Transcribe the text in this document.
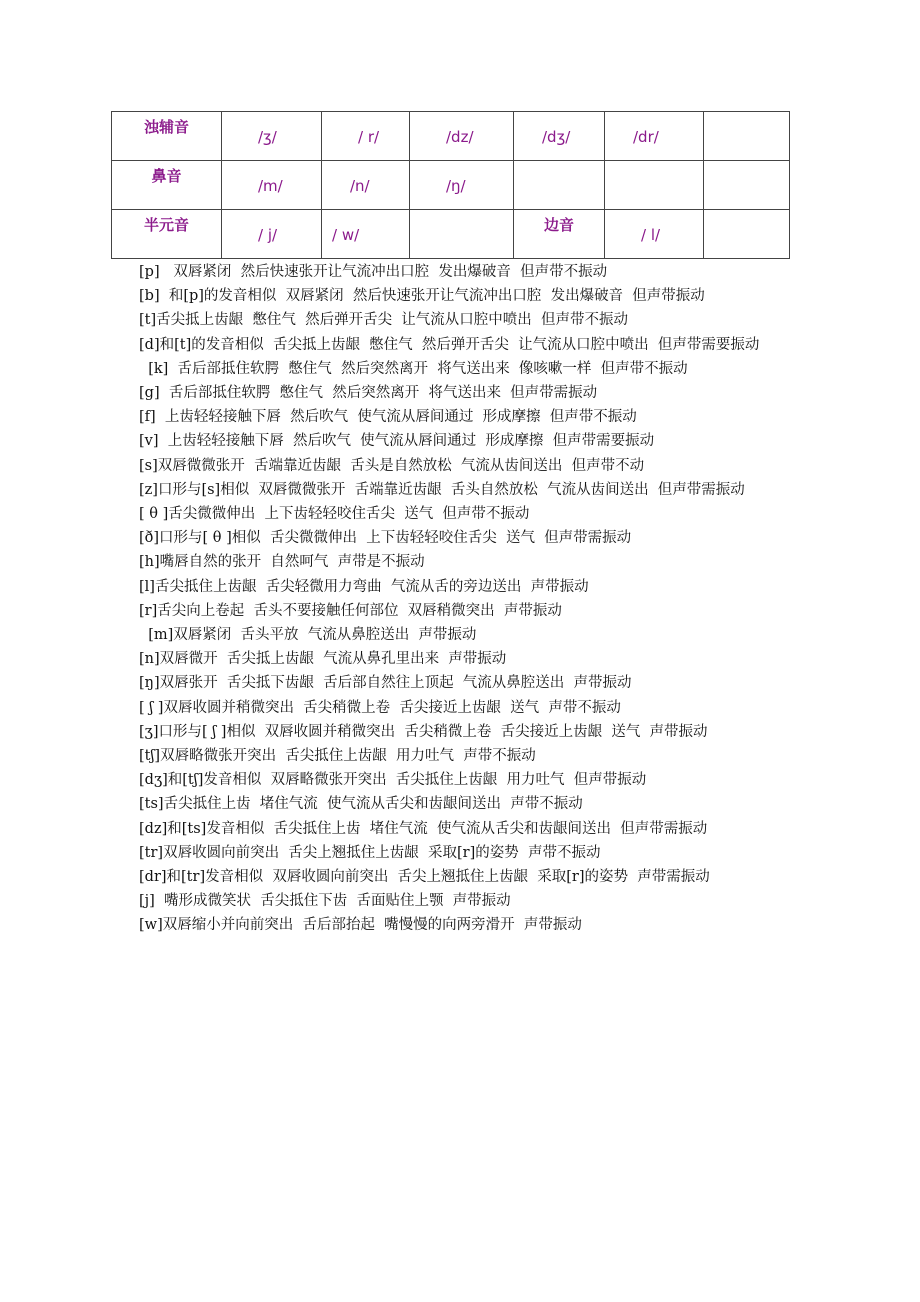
浊辅音	/ʒ/	/ r/	/dz/	/dʒ/	/dr/	

鼻音	/m/	/n/	/ŋ/			

半元音	/ j/	/ w/		边音	/ l/	

[p]   双唇紧闭  然后快速张开让气流冲出口腔  发出爆破音  但声带不振动
[b]  和[p]的发音相似  双唇紧闭  然后快速张开让气流冲出口腔  发出爆破音  但声带振动
[t]舌尖抵上齿龈  憋住气  然后弹开舌尖  让气流从口腔中喷出  但声带不振动
[d]和[t]的发音相似  舌尖抵上齿龈  憋住气  然后弹开舌尖  让气流从口腔中喷出  但声带需要振动
[k]  舌后部抵住软腭  憋住气  然后突然离开  将气送出来  像咳嗽一样  但声带不振动
[g]  舌后部抵住软腭  憋住气  然后突然离开  将气送出来  但声带需振动
[f]  上齿轻轻接触下唇  然后吹气  使气流从唇间通过  形成摩擦  但声带不振动
[v]  上齿轻轻接触下唇  然后吹气  使气流从唇间通过  形成摩擦  但声带需要振动
[s]双唇微微张开  舌端靠近齿龈  舌头是自然放松  气流从齿间送出  但声带不动
[z]口形与[s]相似  双唇微微张开  舌端靠近齿龈  舌头自然放松  气流从齿间送出  但声带需振动
[ θ ]舌尖微微伸出  上下齿轻轻咬住舌尖  送气  但声带不振动
[ð]口形与[ θ ]相似  舌尖微微伸出  上下齿轻轻咬住舌尖  送气  但声带需振动
[h]嘴唇自然的张开  自然呵气  声带是不振动
[l]舌尖抵住上齿龈  舌尖轻微用力弯曲  气流从舌的旁边送出  声带振动
[r]舌尖向上卷起  舌头不要接触任何部位  双唇稍微突出  声带振动
[m]双唇紧闭  舌头平放  气流从鼻腔送出  声带振动
[n]双唇微开  舌尖抵上齿龈  气流从鼻孔里出来  声带振动
[ŋ]双唇张开  舌尖抵下齿龈  舌后部自然往上顶起  气流从鼻腔送出  声带振动
[ ʃ ]双唇收圆并稍微突出  舌尖稍微上卷  舌尖接近上齿龈  送气  声带不振动
[ʒ]口形与[ ʃ ]相似  双唇收圆并稍微突出  舌尖稍微上卷  舌尖接近上齿龈  送气  声带振动
[tʃ]双唇略微张开突出  舌尖抵住上齿龈  用力吐气  声带不振动
[dʒ]和[tʃ]发音相似  双唇略微张开突出  舌尖抵住上齿龈  用力吐气  但声带振动
[ts]舌尖抵住上齿  堵住气流  使气流从舌尖和齿龈间送出  声带不振动
[dz]和[ts]发音相似  舌尖抵住上齿  堵住气流  使气流从舌尖和齿龈间送出  但声带需振动
[tr]双唇收圆向前突出  舌尖上翘抵住上齿龈  采取[r]的姿势  声带不振动
[dr]和[tr]发音相似  双唇收圆向前突出  舌尖上翘抵住上齿龈  采取[r]的姿势  声带需振动
[j]  嘴形成微笑状  舌尖抵住下齿  舌面贴住上颚  声带振动
[w]双唇缩小并向前突出  舌后部抬起  嘴慢慢的向两旁滑开  声带振动
